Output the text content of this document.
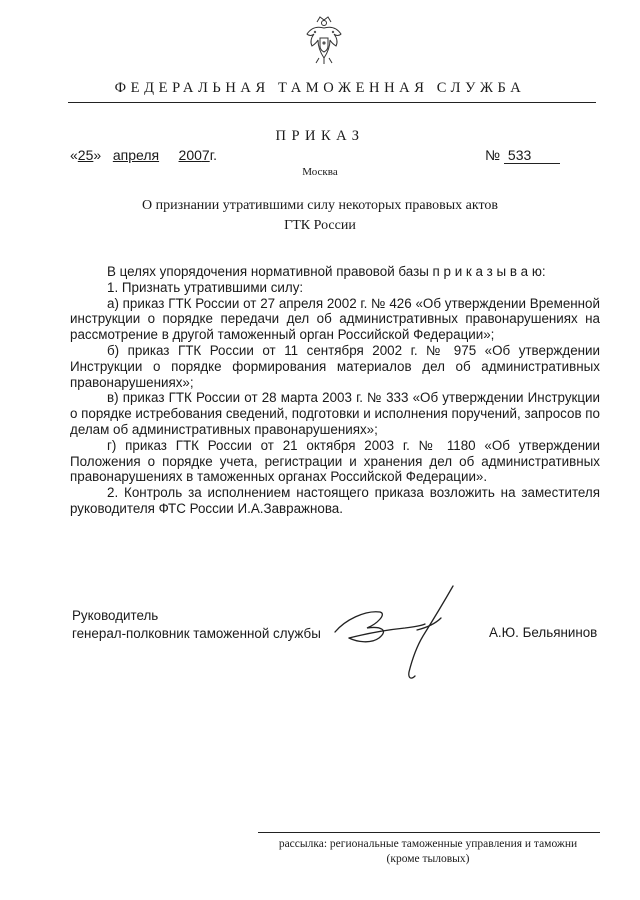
ФЕДЕРАЛЬНАЯ ТАМОЖЕННАЯ СЛУЖБА
ПРИКАЗ
«25» апреля 2007г.	№ 533
Москва
О признании утратившими силу некоторых правовых актов
ГТК России

В целях упорядочения нормативной правовой базы п р и к а з ы в а ю:

1. Признать утратившими силу:

а) приказ ГТК России от 27 апреля 2002 г. № 426 «Об утверждении Временной инструкции о порядке передачи дел об административных правонарушениях на рассмотрение в другой таможенный орган Российской Федерации»;

б) приказ ГТК России от 11 сентября 2002 г. № 975 «Об утверждении Инструкции о порядке формирования материалов дел об административных правонарушениях»;

в) приказ ГТК России от 28 марта 2003 г. № 333 «Об утверждении Инструкции о порядке истребования сведений, подготовки и исполнения поручений, запросов по делам об административных правонарушениях»;

г) приказ ГТК России от 21 октября 2003 г. № 1180 «Об утверждении Положения о порядке учета, регистрации и хранения дел об административных правонарушениях в таможенных органах Российской Федерации».

2. Контроль за исполнением настоящего приказа возложить на заместителя руководителя ФТС России И.А.Завражнова.

Руководитель
генерал-полковник таможенной службы	А.Ю. Бельянинов
рассылка: региональные таможенные управления и таможни
(кроме тыловых)
